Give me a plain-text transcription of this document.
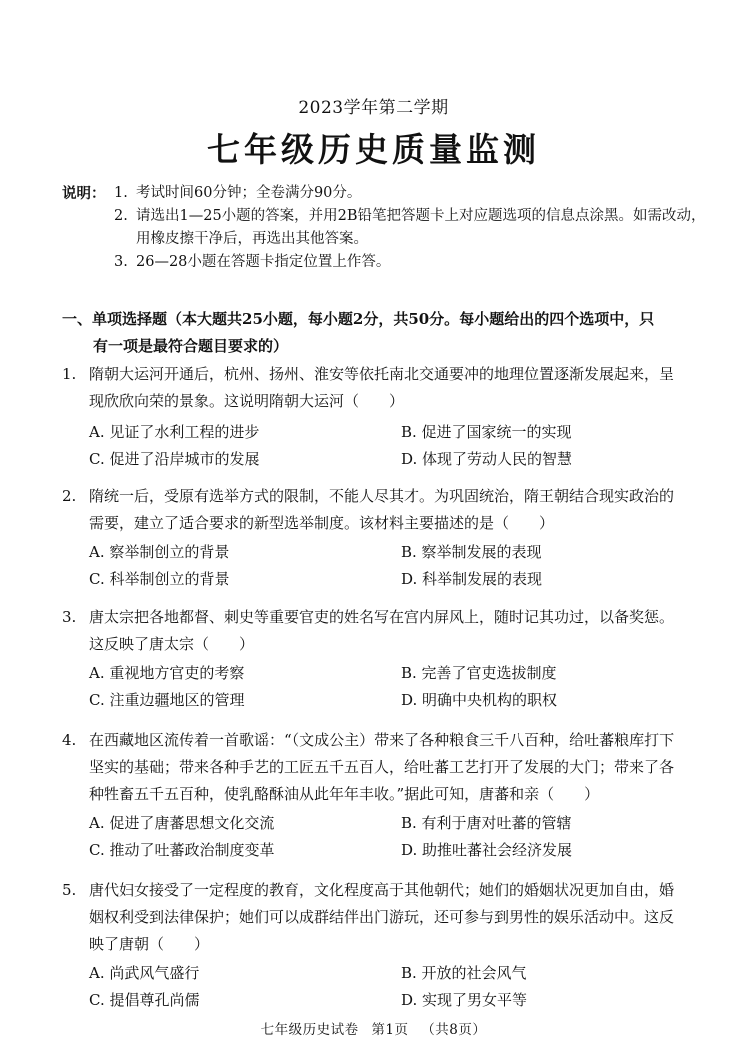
2023学年第二学期
七年级历史质量监测
说明： 1. 考试时间60分钟；全卷满分90分。
2. 请选出1—25小题的答案，并用2B铅笔把答题卡上对应题选项的信息点涂黑。如需改动，用橡皮擦干净后，再选出其他答案。
3. 26—28小题在答题卡指定位置上作答。
一、单项选择题（本大题共25小题，每小题2分，共50分。每小题给出的四个选项中，只
有一项是最符合题目要求的）
1. 隋朝大运河开通后，杭州、扬州、淮安等依托南北交通要冲的地理位置逐渐发展起来，呈现欣欣向荣的景象。这说明隋朝大运河（　　）
A. 见证了水利工程的进步	B. 促进了国家统一的实现
C. 促进了沿岸城市的发展	D. 体现了劳动人民的智慧
2. 隋统一后，受原有选举方式的限制，不能人尽其才。为巩固统治，隋王朝结合现实政治的需要，建立了适合要求的新型选举制度。该材料主要描述的是（　　）
A. 察举制创立的背景	B. 察举制发展的表现
C. 科举制创立的背景	D. 科举制发展的表现
3. 唐太宗把各地都督、刺史等重要官吏的姓名写在宫内屏风上，随时记其功过，以备奖惩。这反映了唐太宗（　　）
A. 重视地方官吏的考察	B. 完善了官吏选拔制度
C. 注重边疆地区的管理	D. 明确中央机构的职权
4. 在西藏地区流传着一首歌谣：“（文成公主）带来了各种粮食三千八百种，给吐蕃粮库打下坚实的基础；带来各种手艺的工匠五千五百人，给吐蕃工艺打开了发展的大门；带来了各种牲畜五千五百种，使乳酪酥油从此年年丰收。”据此可知，唐蕃和亲（　　）
A. 促进了唐蕃思想文化交流	B. 有利于唐对吐蕃的管辖
C. 推动了吐蕃政治制度变革	D. 助推吐蕃社会经济发展
5. 唐代妇女接受了一定程度的教育，文化程度高于其他朝代；她们的婚姻状况更加自由，婚姻权利受到法律保护；她们可以成群结伴出门游玩，还可参与到男性的娱乐活动中。这反映了唐朝（　　）
A. 尚武风气盛行	B. 开放的社会风气
C. 提倡尊孔尚儒	D. 实现了男女平等
七年级历史试卷 第1页 （共8页）
